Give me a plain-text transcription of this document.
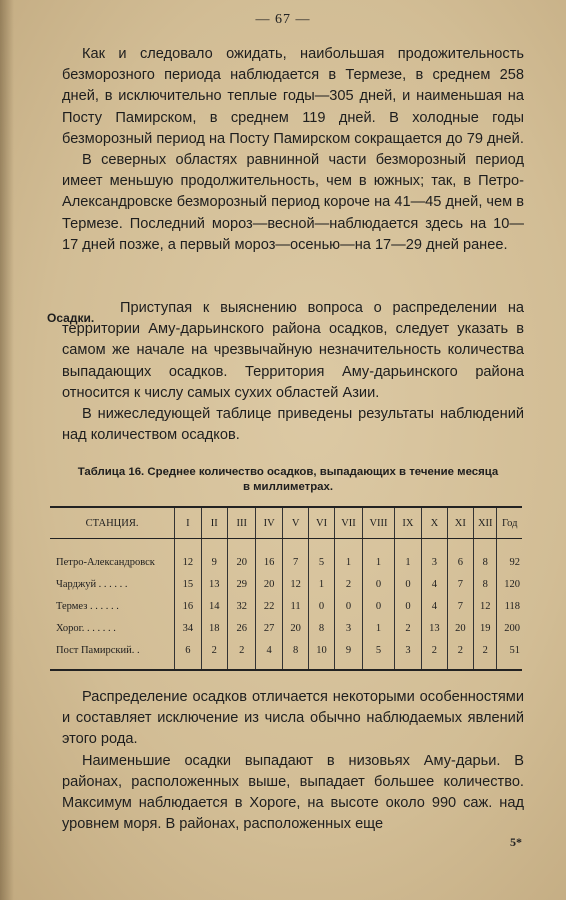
— 67 —

Как и следовало ожидать, наибольшая продожительность безморозного периода наблюдается в Термезе, в среднем 258 дней, в исключительно теплые годы—305 дней, и наименьшая на Посту Памирском, в среднем 119 дней. В холодные годы безморозный период на Посту Памирском сокращается до 79 дней.

В северных областях равнинной части безморозный период имеет меньшую продолжительность, чем в южных; так, в Петро-Александровске безморозный период короче на 41—45 дней, чем в Термезе. Последний мороз—весной—наблюдается здесь на 10—17 дней позже, а первый мороз—осенью—на 17—29 дней ранее.

Осадки.

Приступая к выяснению вопроса о распределении на территории Аму-дарьинского района осадков, следует указать в самом же начале на чрезвычайную незначительность количества выпадающих осадков. Территория Аму-дарьинского района относится к числу самых сухих областей Азии.

В нижеследующей таблице приведены результаты наблюдений над количеством осадков.

Таблица 16. Среднее количество осадков, выпадающих в течение месяца
в миллиметрах.
СТАНЦИЯ.	I	II	III	IV	V	VI	VII	VIII	IX	X	XI	XII	Год

Петро-Александровск	12	9	20	16	7	5	1	1	1	3	6	8	92
Чарджуй . . . . . .	15	13	29	20	12	1	2	0	0	4	7	8	120
Термез . . . . . .	16	14	32	22	11	0	0	0	0	4	7	12	118
Хорог. . . . . . .	34	18	26	27	20	8	3	1	2	13	20	19	200
Пост Памирский. .	6	2	2	4	8	10	9	5	3	2	2	2	51

Распределение осадков отличается некоторыми особенностями и составляет исключение из числа обычно наблюдаемых явлений этого рода.

Наименьшие осадки выпадают в низовьях Аму-дарьи. В районах, расположенных выше, выпадает большее количество. Максимум наблюдается в Хороге, на высоте около 990 саж. над уровнем моря. В районах, расположенных еще

5*
